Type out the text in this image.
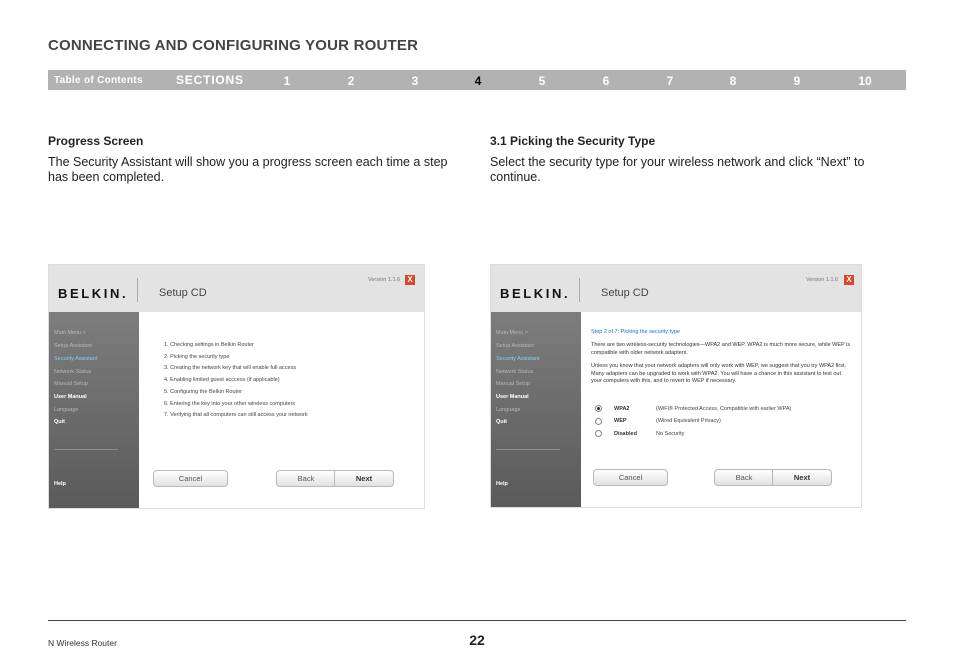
CONNECTING AND CONFIGURING YOUR ROUTER
Table of Contents	SECTIONS	1	2	3	4	5	6	7	8	9	10
Progress Screen
The Security Assistant will show you a progress screen each time a step has been completed.
3.1 Picking the Security Type
Select the security type for your wireless network and click “Next” to continue.
BELKIN.	Setup CD
Version 1.1.6 X
Main Menu >
Setup Assistant
Security Assistant
Network Status
Manual Setup
User Manual
Language
Quit
Help
1. Checking settings in Belkin Router
2. Picking the security type
3. Creating the network key that will enable full access
4. Enabling limited guest acccess (if applicable)
5. Configuring the Belkin Router
6. Entering the key into your other wireless computers
7. Verifying that all computers can still access your network
Cancel	Back	Next
BELKIN.	Setup CD
Version 1.1.6 X
Main Menu >
Setup Assistant
Security Assistant
Network Status
Manual Setup
User Manual
Language
Quit
Help
Step 2 of 7: Picking the security type
There are two wireless-security technologies—WPA2 and WEP. WPA2 is much more secure, while WEP is compatible with older network adapters.
Unless you know that your network adapters will only work with WEP, we suggest that you try WPA2 first. Many adapters can be upgraded to work with WPA2. You will have a chance in this assistant to test out your computers with this, and to revert to WEP if necessary.
WPA2	(WiFi® Protected Access, Compatible with earlier WPA)
WEP	(Wired Equivalent Privacy)
Disabled	No Security
Cancel	Back	Next
N Wireless Router	22
